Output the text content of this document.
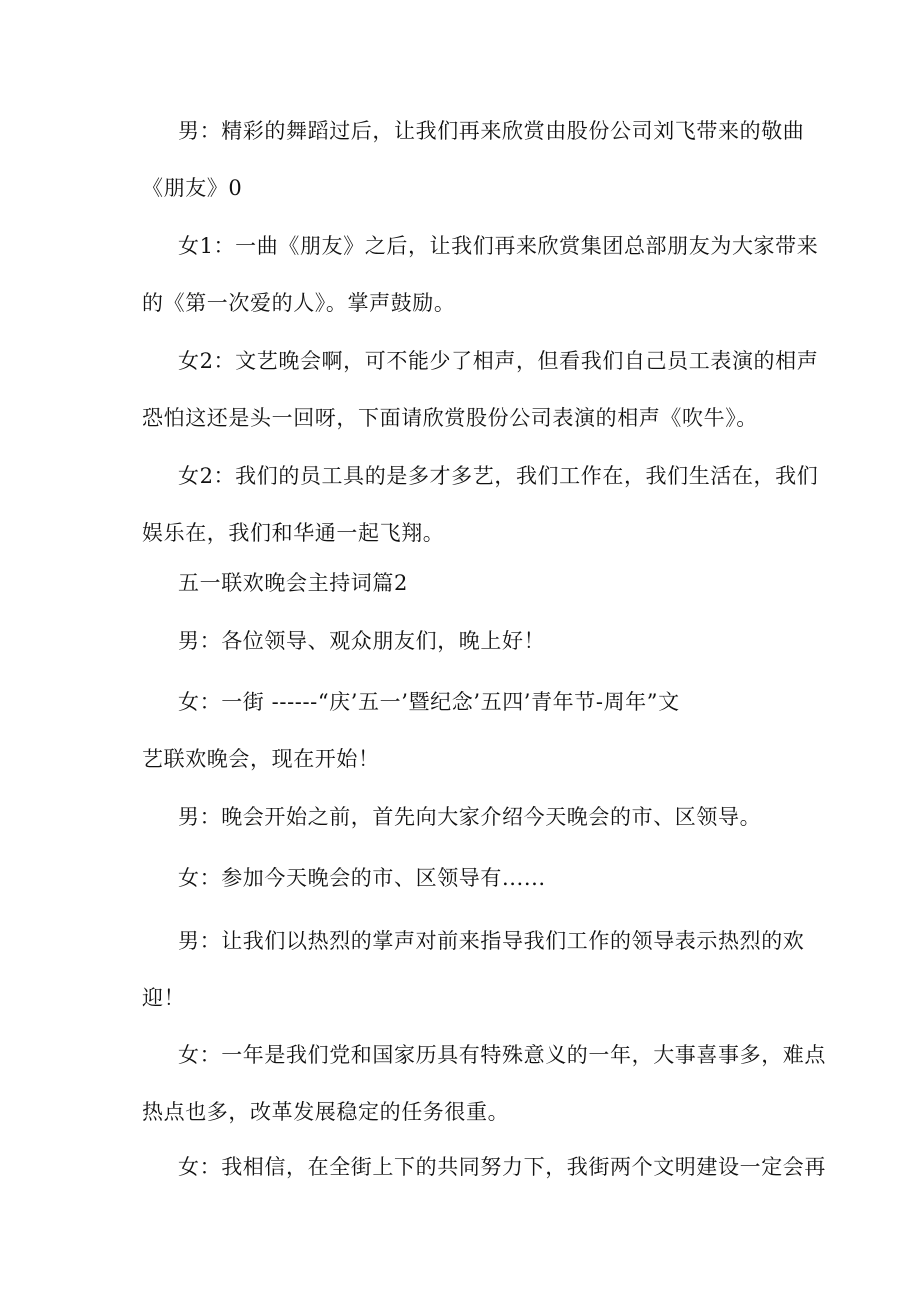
男：精彩的舞蹈过后，让我们再来欣赏由股份公司刘飞带来的敬曲
《朋友》0

女1：一曲《朋友》之后，让我们再来欣赏集团总部朋友为大家带来
的《第一次爱的人》。掌声鼓励。

女2：文艺晚会啊，可不能少了相声，但看我们自己员工表演的相声
恐怕这还是头一回呀，下面请欣赏股份公司表演的相声《吹牛》。

女2：我们的员工具的是多才多艺，我们工作在，我们生活在，我们
娱乐在，我们和华通一起飞翔。

五一联欢晚会主持词篇2

男：各位领导、观众朋友们，晚上好！

女：一街 ------“庆’五一’暨纪念’五四’青年节-周年”文
艺联欢晚会，现在开始！

男：晚会开始之前，首先向大家介绍今天晚会的市、区领导。

女：参加今天晚会的市、区领导有......

男：让我们以热烈的掌声对前来指导我们工作的领导表示热烈的欢
迎！

女：一年是我们党和国家历具有特殊意义的一年，大事喜事多，难点
热点也多，改革发展稳定的任务很重。

女：我相信，在全街上下的共同努力下，我街两个文明建设一定会再
